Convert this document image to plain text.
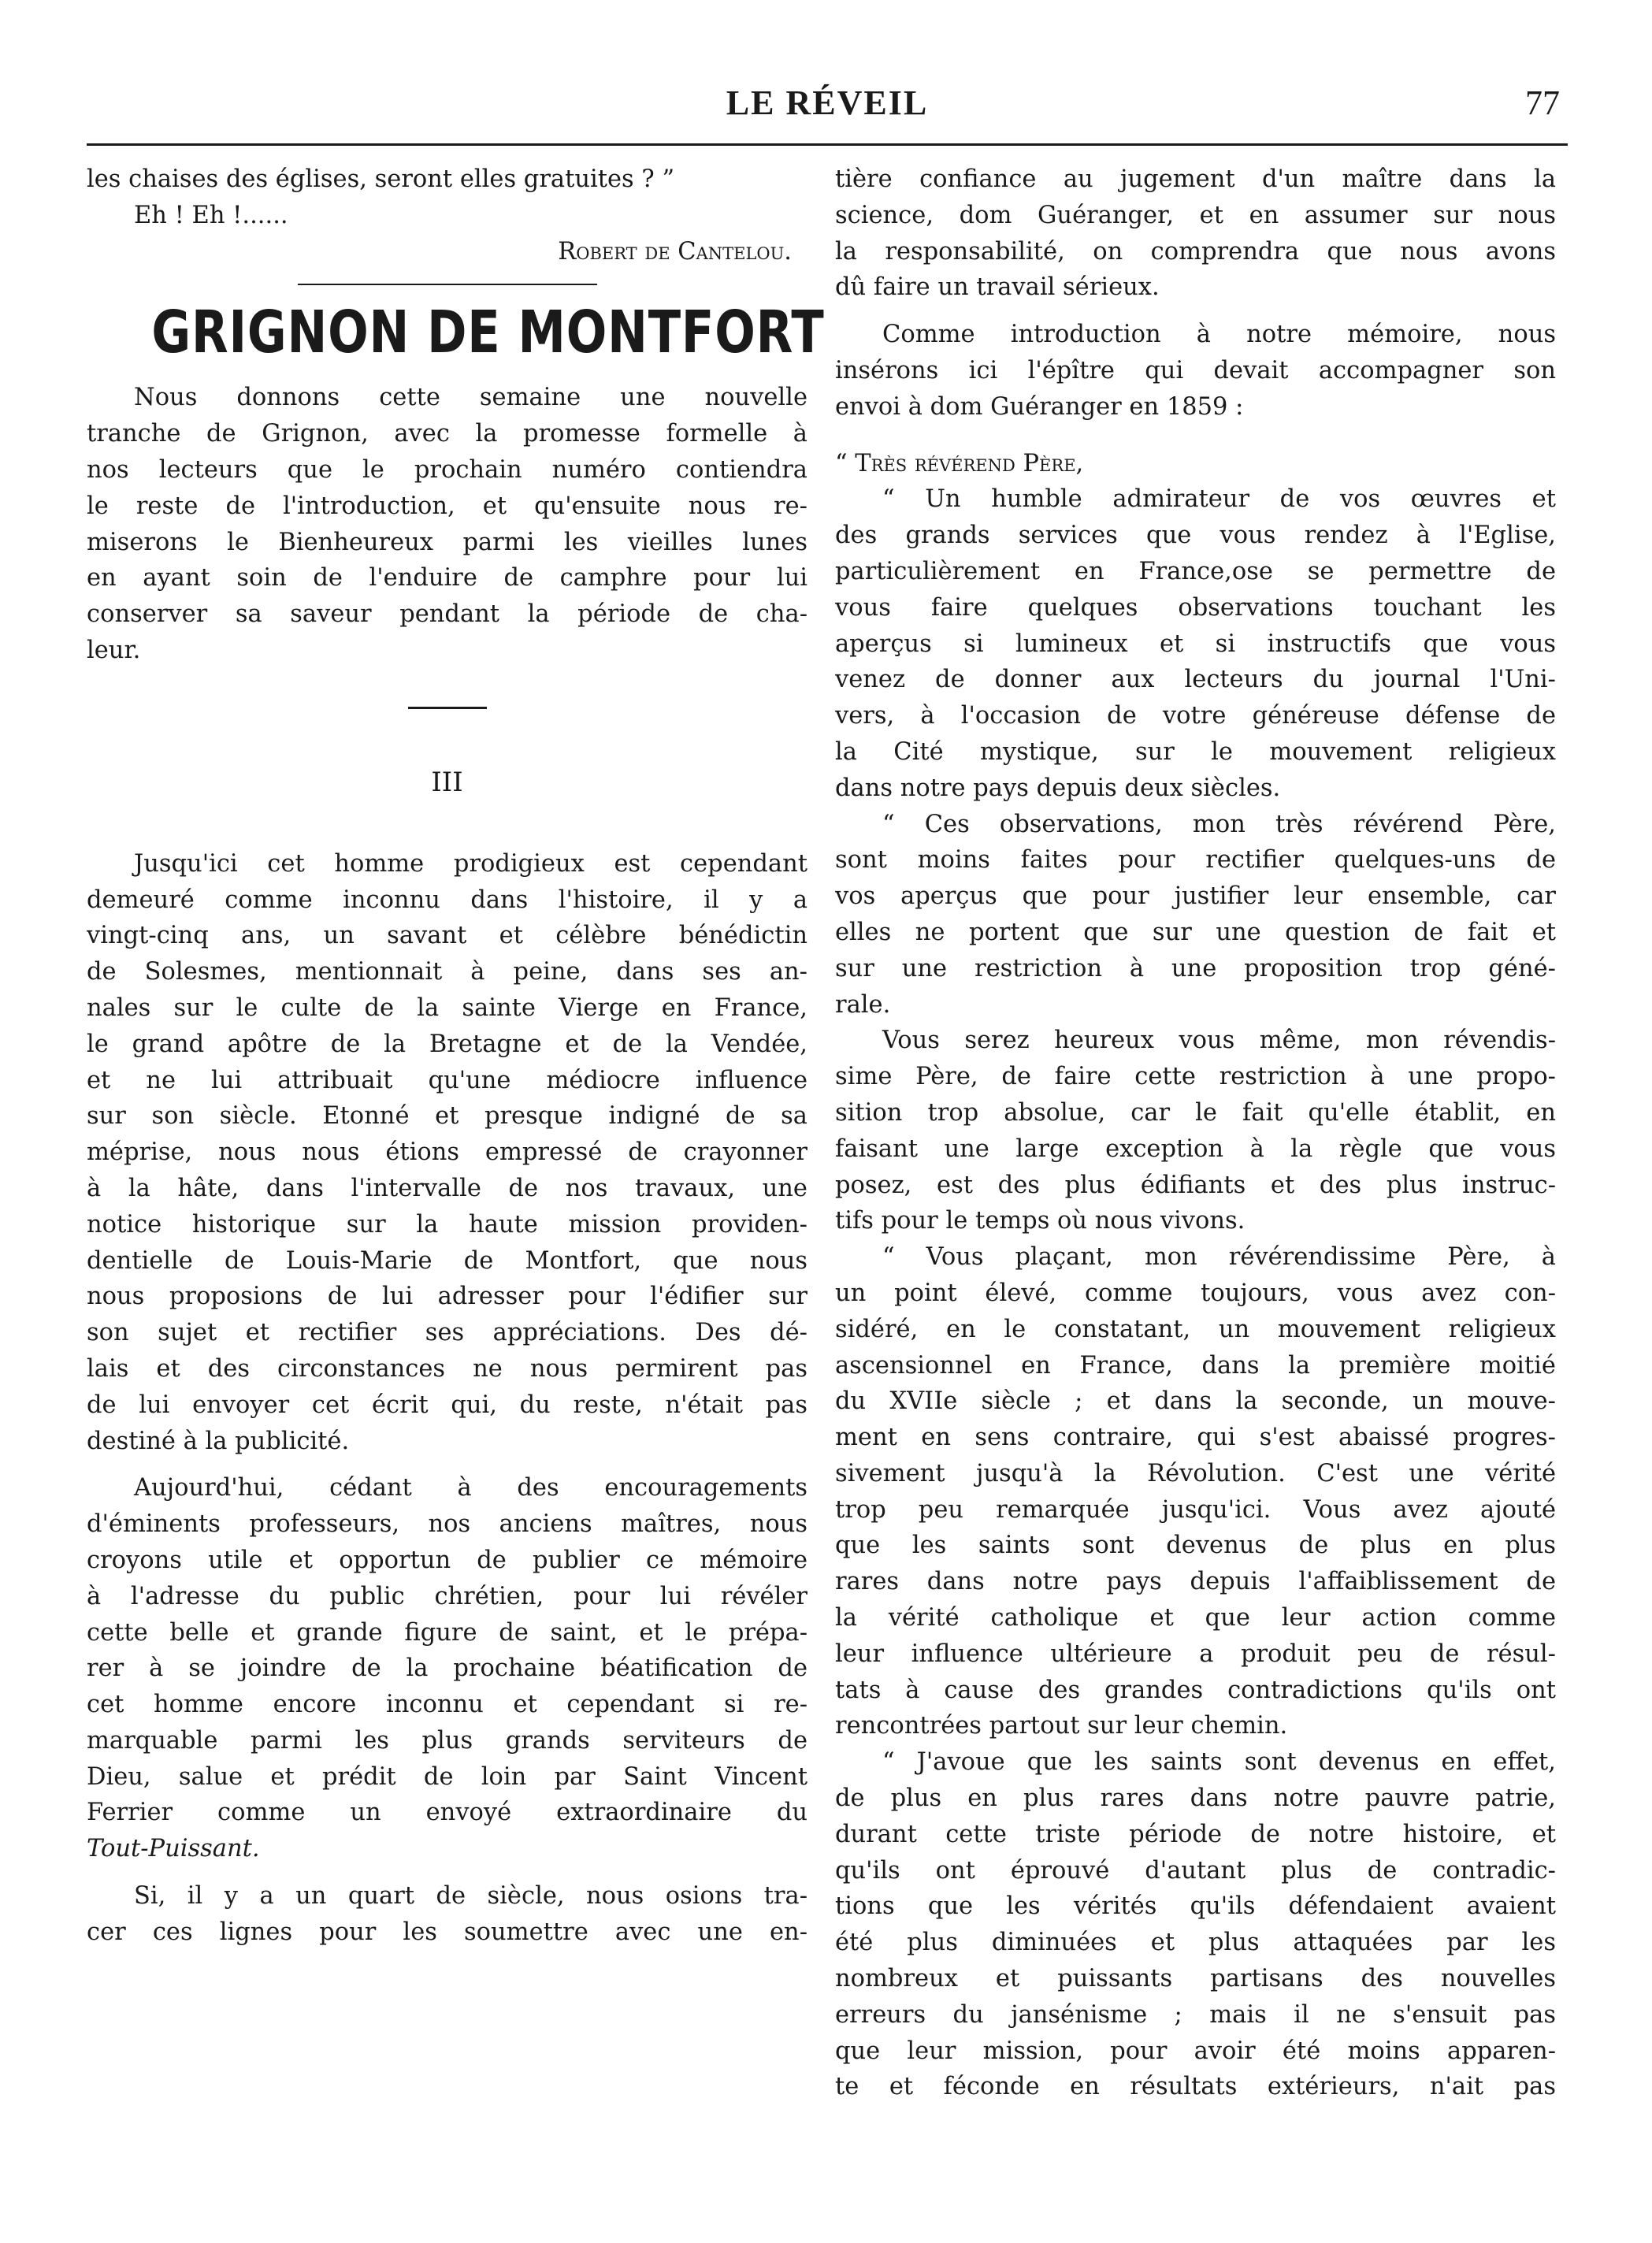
LE RÉVEIL	77
les chaises des églises, seront elles gratuites ? ”
Eh ! Eh !......
Robert de Cantelou.
GRIGNON DE MONTFORT
Nous donnons cette semaine une nouvelle
tranche de Grignon, avec la promesse formelle à
nos lecteurs que le prochain numéro contiendra
le reste de l'introduction, et qu'ensuite nous re-
miserons le Bienheureux parmi les vieilles lunes
en ayant soin de l'enduire de camphre pour lui
conserver sa saveur pendant la période de cha-
leur.
III
Jusqu'ici cet homme prodigieux est cependant
demeuré comme inconnu dans l'histoire, il y a
vingt-cinq ans, un savant et célèbre bénédictin
de Solesmes, mentionnait à peine, dans ses an-
nales sur le culte de la sainte Vierge en France,
le grand apôtre de la Bretagne et de la Vendée,
et ne lui attribuait qu'une médiocre influence
sur son siècle. Etonné et presque indigné de sa
méprise, nous nous étions empressé de crayonner
à la hâte, dans l'intervalle de nos travaux, une
notice historique sur la haute mission providen-
dentielle de Louis-Marie de Montfort, que nous
nous proposions de lui adresser pour l'édifier sur
son sujet et rectifier ses appréciations. Des dé-
lais et des circonstances ne nous permirent pas
de lui envoyer cet écrit qui, du reste, n'était pas
destiné à la publicité.
Aujourd'hui, cédant à des encouragements
d'éminents professeurs, nos anciens maîtres, nous
croyons utile et opportun de publier ce mémoire
à l'adresse du public chrétien, pour lui révéler
cette belle et grande figure de saint, et le prépa-
rer à se joindre de la prochaine béatification de
cet homme encore inconnu et cependant si re-
marquable parmi les plus grands serviteurs de
Dieu, salue et prédit de loin par Saint Vincent
Ferrier comme un envoyé extraordinaire du
Tout-Puissant.
Si, il y a un quart de siècle, nous osions tra-
cer ces lignes pour les soumettre avec une en-
tière confiance au jugement d'un maître dans la
science, dom Guéranger, et en assumer sur nous
la responsabilité, on comprendra que nous avons
dû faire un travail sérieux.
Comme introduction à notre mémoire, nous
insérons ici l'épître qui devait accompagner son
envoi à dom Guéranger en 1859 :
“ Très révérend Père,
“ Un humble admirateur de vos œuvres et
des grands services que vous rendez à l'Eglise,
particulièrement en France,ose se permettre de
vous faire quelques observations touchant les
aperçus si lumineux et si instructifs que vous
venez de donner aux lecteurs du journal l'Uni-
vers, à l'occasion de votre généreuse défense de
la Cité mystique, sur le mouvement religieux
dans notre pays depuis deux siècles.
“ Ces observations, mon très révérend Père,
sont moins faites pour rectifier quelques-uns de
vos aperçus que pour justifier leur ensemble, car
elles ne portent que sur une question de fait et
sur une restriction à une proposition trop géné-
rale.
Vous serez heureux vous même, mon révendis-
sime Père, de faire cette restriction à une propo-
sition trop absolue, car le fait qu'elle établit, en
faisant une large exception à la règle que vous
posez, est des plus édifiants et des plus instruc-
tifs pour le temps où nous vivons.
“ Vous plaçant, mon révérendissime Père, à
un point élevé, comme toujours, vous avez con-
sidéré, en le constatant, un mouvement religieux
ascensionnel en France, dans la première moitié
du XVIIe siècle ; et dans la seconde, un mouve-
ment en sens contraire, qui s'est abaissé progres-
sivement jusqu'à la Révolution. C'est une vérité
trop peu remarquée jusqu'ici. Vous avez ajouté
que les saints sont devenus de plus en plus
rares dans notre pays depuis l'affaiblissement de
la vérité catholique et que leur action comme
leur influence ultérieure a produit peu de résul-
tats à cause des grandes contradictions qu'ils ont
rencontrées partout sur leur chemin.
“ J'avoue que les saints sont devenus en effet,
de plus en plus rares dans notre pauvre patrie,
durant cette triste période de notre histoire, et
qu'ils ont éprouvé d'autant plus de contradic-
tions que les vérités qu'ils défendaient avaient
été plus diminuées et plus attaquées par les
nombreux et puissants partisans des nouvelles
erreurs du jansénisme ; mais il ne s'ensuit pas
que leur mission, pour avoir été moins apparen-
te et féconde en résultats extérieurs, n'ait pas
